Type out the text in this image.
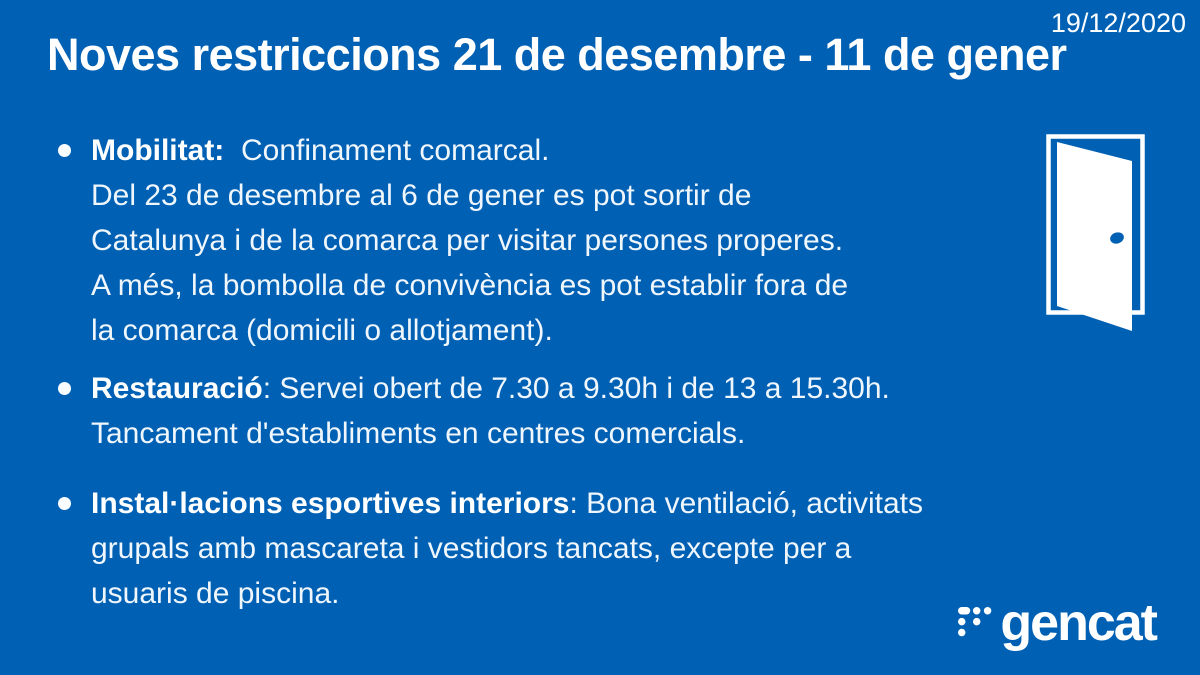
19/12/2020
Noves restriccions 21 de desembre - 11 de gener
Mobilitat:  Confinament comarcal.
Del 23 de desembre al 6 de gener es pot sortir de
Catalunya i de la comarca per visitar persones properes.
A més, la bombolla de convivència es pot establir fora de
la comarca (domicili o allotjament).
Restauració: Servei obert de 7.30 a 9.30h i de 13 a 15.30h.
Tancament d'establiments en centres comercials.
Instal·lacions esportives interiors: Bona ventilació, activitats
grupals amb mascareta i vestidors tancats, excepte per a
usuaris de piscina.
gencat
